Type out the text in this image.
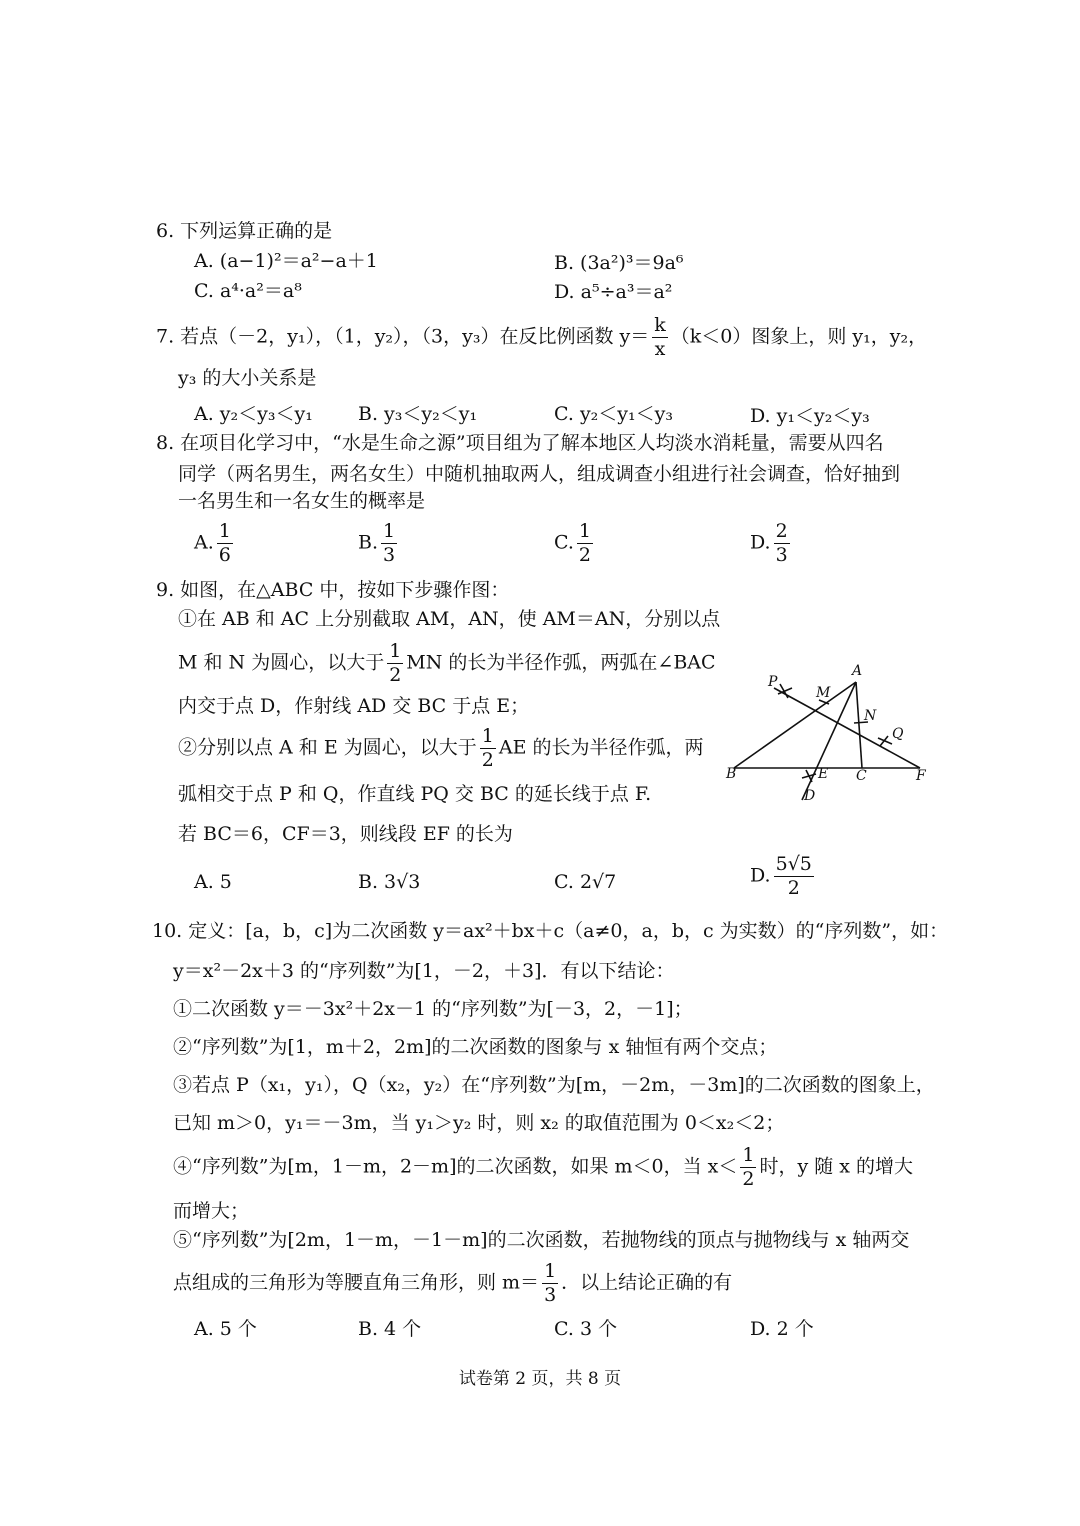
6. 下列运算正确的是
A. (a−1)²＝a²−a＋1	B. (3a²)³＝9a⁶
C. a⁴·a²＝a⁸	D. a⁵÷a³＝a²
7. 若点（－2，y₁），（1，y₂），（3，y₃）在反比例函数 $y= \frac{k}{x} (k<0)$图象上，则 y₁，y₂，
y₃ 的大小关系是
A. y₂＜y₃＜y₁ B. y₃＜y₂＜y₁	C. y₂＜y₁＜y₃	D. y₁＜y₂＜y₃
8. 在项目化学习中，“水是生命之源”项目组为了解本地区人均淡水消耗量，需要从四名
同学（两名男生，两名女生）中随机抽取两人，组成调查小组进行社会调查，恰好抽到
一名男生和一名女生的概率是
A. $\frac{1}{6}$	B. $\frac{1}{3}$	C. $\frac{1}{2}$	D. $\frac{2}{3}$
9. 如图，在△ABC 中，按如下步骤作图：
①在 AB 和 AC 上分别截取 AM，AN，使 AM＝AN，分别以点
M 和 N 为圆心，以大于 $\frac{1}{2}$ MN 的长为半径作弧，两弧在∠BAC
内交于点 D，作射线 AD 交 BC 于点 E；
②分别以点 A 和 E 为圆心，以大于 $\frac{1}{2}$ AE 的长为半径作弧，两
弧相交于点 P 和 Q，作直线 PQ 交 BC 的延长线于点 F.
若 BC＝6，CF＝3，则线段 EF 的长为
A. 5	B. 3√3	C. 2√7	D. $\frac{5√5}{2}$
A
B	C
D
E	F
M
N
P
Q
10. 定义：[a，b，c]为二次函数 y＝ax²＋bx＋c（a≠0，a，b，c 为实数）的“序列数”，如：
y＝x²－2x＋3 的“序列数”为[1，－2，＋3]．有以下结论：
①二次函数 y＝－3x²＋2x－1 的“序列数”为[－3，2，－1]；
②“序列数”为[1，m＋2，2m]的二次函数的图象与 x 轴恒有两个交点；
③若点 P（x₁，y₁），Q（x₂，y₂）在“序列数”为[m，－2m，－3m]的二次函数的图象上，
已知 m＞0，y₁＝－3m，当 y₁＞y₂ 时，则 x₂ 的取值范围为 0＜x₂＜2；
④“序列数”为[m，1－m，2－m]的二次函数，如果 m＜0，当 $x< \frac{1}{2}$ 时，y 随 x 的增大
而增大；
⑤“序列数”为[2m，1－m，－1－m]的二次函数，若抛物线的顶点与抛物线与 x 轴两交
点组成的三角形为等腰直角三角形，则 $m= \frac{1}{3}$ ．以上结论正确的有
A. 5 个	B. 4 个	C. 3 个	D. 2 个
试卷第 2 页，共 8 页
